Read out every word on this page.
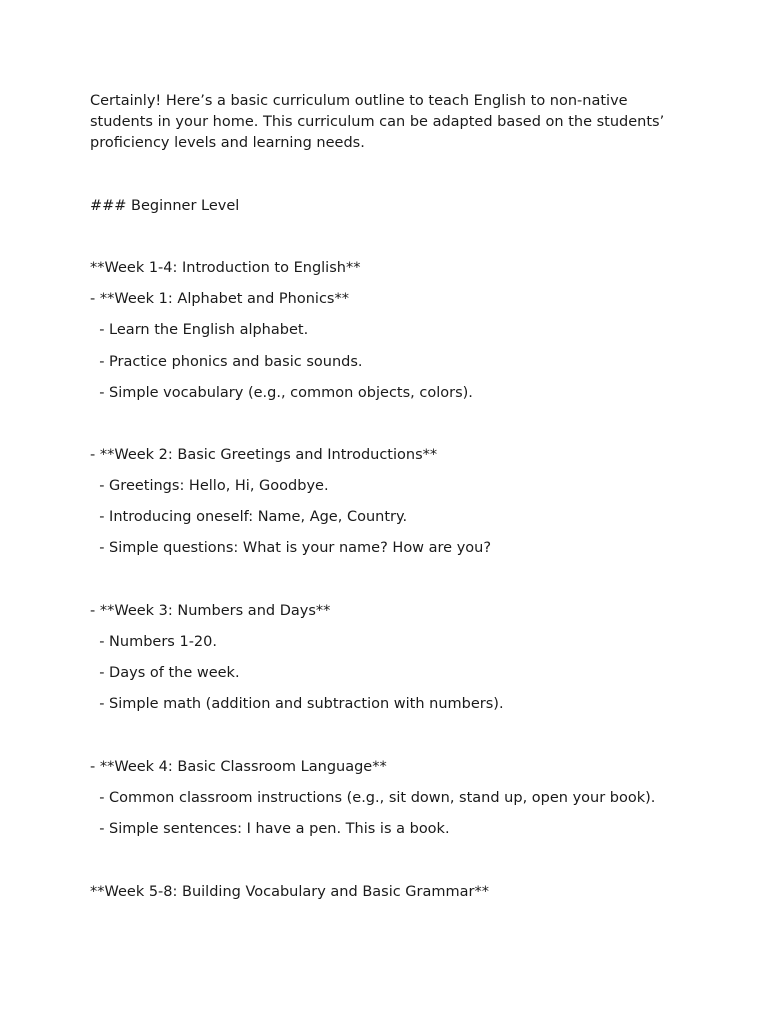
Certainly! Here’s a basic curriculum outline to teach English to non-native students in your home. This curriculum can be adapted based on the students’ proficiency levels and learning needs.

### Beginner Level

**Week 1-4: Introduction to English**

- **Week 1: Alphabet and Phonics**

- Learn the English alphabet.

- Practice phonics and basic sounds.

- Simple vocabulary (e.g., common objects, colors).

- **Week 2: Basic Greetings and Introductions**

- Greetings: Hello, Hi, Goodbye.

- Introducing oneself: Name, Age, Country.

- Simple questions: What is your name? How are you?

- **Week 3: Numbers and Days**

- Numbers 1-20.

- Days of the week.

- Simple math (addition and subtraction with numbers).

- **Week 4: Basic Classroom Language**

- Common classroom instructions (e.g., sit down, stand up, open your book).

- Simple sentences: I have a pen. This is a book.

**Week 5-8: Building Vocabulary and Basic Grammar**
